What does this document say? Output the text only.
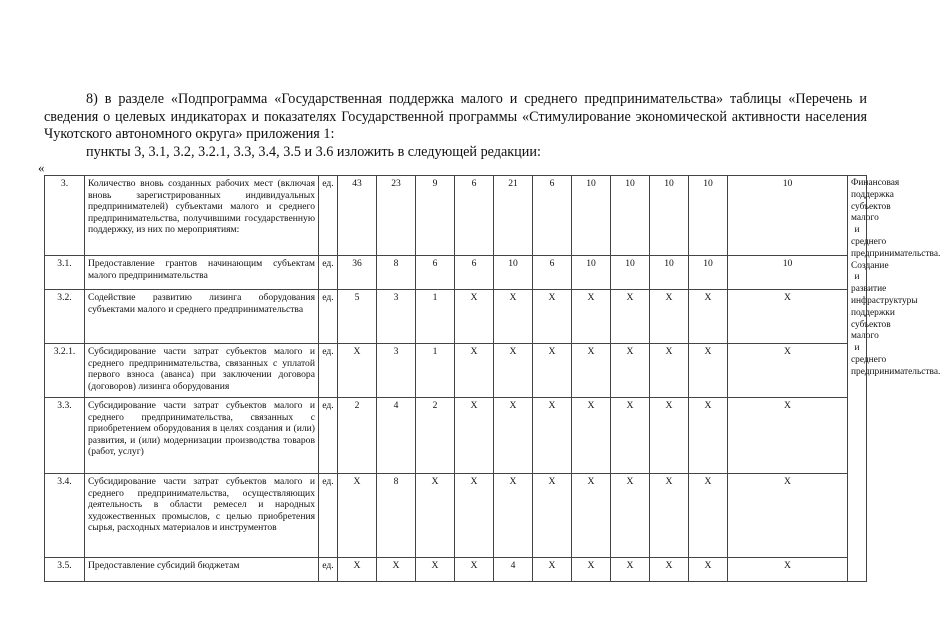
8) в разделе «Подпрограмма «Государственная поддержка малого и среднего предпринимательства» таблицы «Перечень и сведения о целевых индикаторах и показателях Государственной программы «Стимулирование экономической активности населения Чукотского автономного округа» приложения 1:

пункты 3, 3.1, 3.2, 3.2.1, 3.3, 3.4, 3.5 и 3.6 изложить в следующей редакции:

«
3.	Количество вновь созданных рабочих мест (включая вновь зарегистрированных индивидуальных предпринимателей) субъектами малого и среднего предпринимательства, получившими государственную поддержку, из них по мероприятиям:	ед.	43	23	9	6	21	6	10	10	10	10	10	Финансовая поддержка субъектов малого и среднего предпринимательства. Создание и развитие инфраструктуры поддержки субъектов малого и среднего предпринимательства.
3.1.	Предоставление грантов начинающим субъектам малого предпринимательства	ед.	36	8	6	6	10	6	10	10	10	10	10	
3.2.	Содействие развитию лизинга оборудования субъектами малого и среднего предпринимательства	ед.	5	3	1	Х	Х	Х	Х	Х	Х	Х	Х	
3.2.1.	Субсидирование части затрат субъектов малого и среднего предпринимательства, связанных с уплатой первого взноса (аванса) при заключении договора (договоров) лизинга оборудования	ед.	Х	3	1	Х	Х	Х	Х	Х	Х	Х	Х	
3.3.	Субсидирование части затрат субъектов малого и среднего предпринимательства, связанных с приобретением оборудования в целях создания и (или) развития, и (или) модернизации производства товаров (работ, услуг)	ед.	2	4	2	Х	Х	Х	Х	Х	Х	Х	Х	
3.4.	Субсидирование части затрат субъектов малого и среднего предпринимательства, осуществляющих деятельность в области ремесел и народных художественных промыслов, с целью приобретения сырья, расходных материалов и инструментов	ед.	Х	8	Х	Х	Х	Х	Х	Х	Х	Х	Х	
3.5.	Предоставление субсидий бюджетам	ед.	Х	Х	Х	Х	4	Х	Х	Х	Х	Х	Х	
